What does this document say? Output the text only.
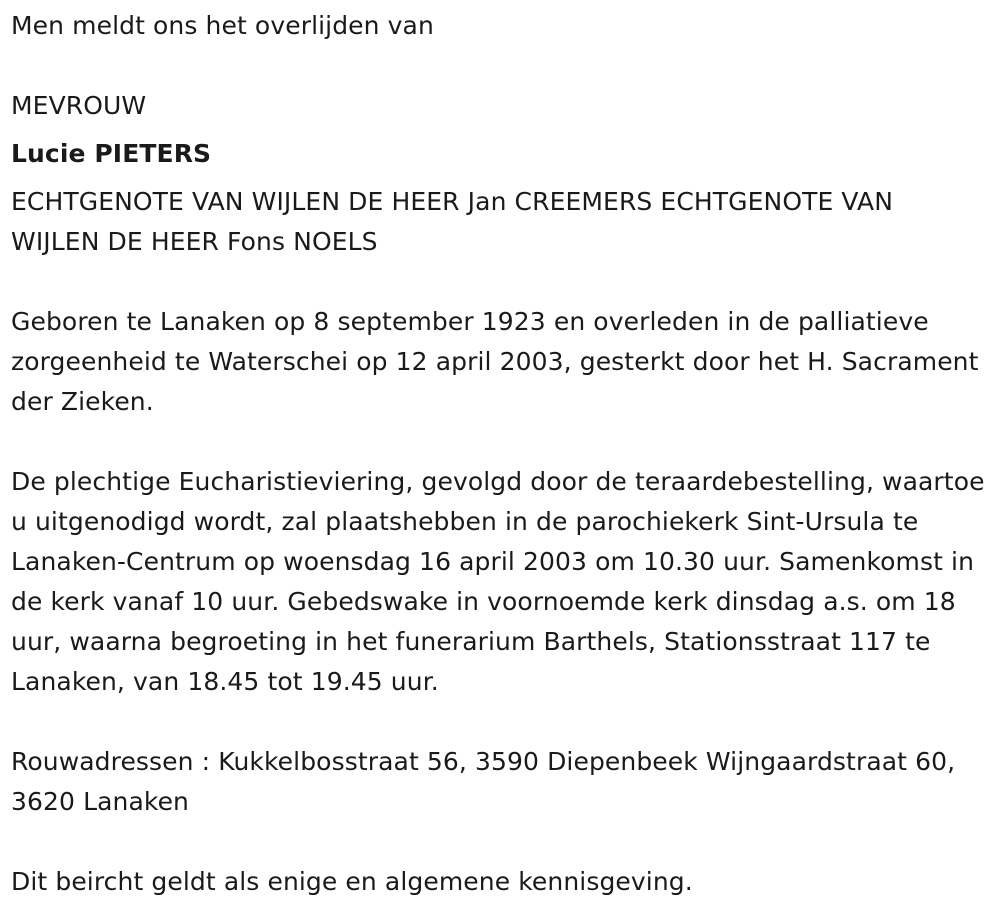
Men meldt ons het overlijden van

MEVROUW

Lucie PIETERS

ECHTGENOTE VAN WIJLEN DE HEER Jan CREEMERS ECHTGENOTE VAN WIJLEN DE HEER Fons NOELS

Geboren te Lanaken op 8 september 1923 en overleden in de palliatieve zorgeenheid te Waterschei op 12 april 2003, gesterkt door het H. Sacrament der Zieken.

De plechtige Eucharistieviering, gevolgd door de teraardebestelling, waartoe u uitgenodigd wordt, zal plaatshebben in de parochiekerk Sint-Ursula te Lanaken-Centrum op woensdag 16 april 2003 om 10.30 uur. Samenkomst in de kerk vanaf 10 uur. Gebedswake in voornoemde kerk dinsdag a.s. om 18 uur, waarna begroeting in het funerarium Barthels, Stationsstraat 117 te Lanaken, van 18.45 tot 19.45 uur.

Rouwadressen : Kukkelbosstraat 56, 3590 Diepenbeek Wijngaardstraat 60, 3620 Lanaken

Dit beircht geldt als enige en algemene kennisgeving.
